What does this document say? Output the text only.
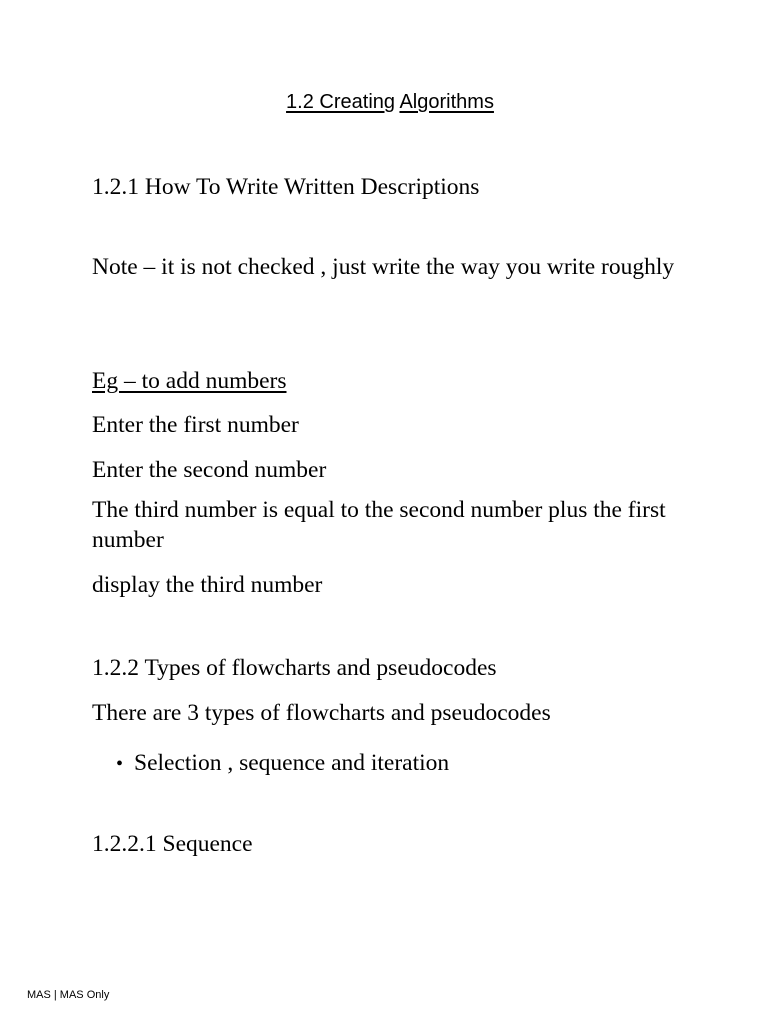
1.2 Creating Algorithms
1.2.1 How To Write Written Descriptions
Note – it is not checked , just write the way you write roughly
Eg – to add numbers
Enter the first number
Enter the second number
The third number is equal to the second number plus the first number
display the third number
1.2.2 Types of flowcharts and pseudocodes
There are 3 types of flowcharts and pseudocodes
• Selection , sequence and iteration
1.2.2.1 Sequence
MAS | MAS Only
